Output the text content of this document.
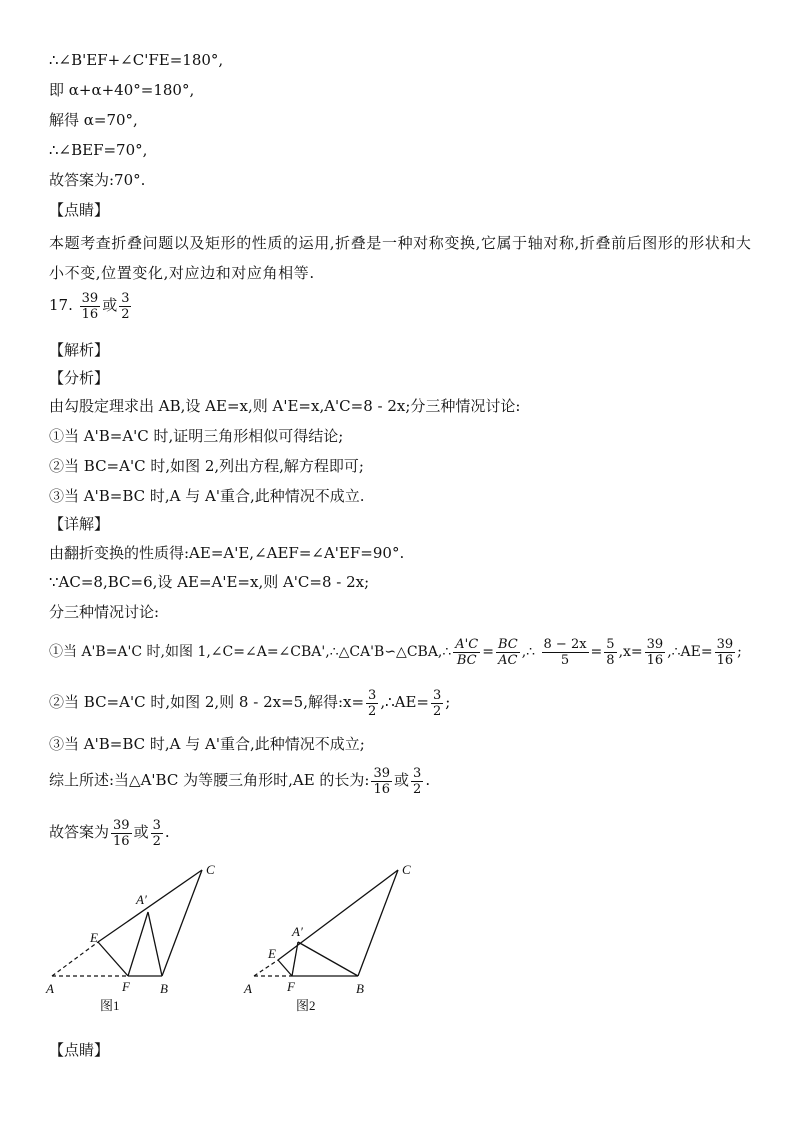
∴∠B'EF+∠C'FE=180°,
即 α+α+40°=180°,
解得 α=70°,
∴∠BEF=70°,
故答案为:70°.
【点睛】
本题考查折叠问题以及矩形的性质的运用,折叠是一种对称变换,它属于轴对称,折叠前后图形的形状和大小不变,位置变化,对应边和对应角相等.
17. $\frac{39}{16}$ 或 $\frac{3}{2}$
【解析】
【分析】
由勾股定理求出 AB,设 AE=x,则 A'E=x,A'C=8 - 2x;分三种情况讨论:
①当 A'B=A'C 时,证明三角形相似可得结论;
②当 BC=A'C 时,如图 2,列出方程,解方程即可;
③当 A'B=BC 时,A 与 A'重合,此种情况不成立.
【详解】
由翻折变换的性质得:AE=A'E,∠AEF=∠A'EF=90°.
∵AC=8,BC=6,设 AE=A'E=x,则 A'C=8 - 2x;
分三种情况讨论:
①当 A'B=A'C 时,如图 1,∠C=∠A=∠CBA',∴△CA'B∽△CBA,∴ $\frac{A'C}{BC} = \frac{BC}{AC}$ ,∴ $\frac{8 - 2x}{5} = \frac{5}{8} ,x= \frac{39}{16}$ ,∴AE= $\frac{39}{16}$ ;
②当 BC=A'C 时,如图 2,则 8 - 2x=5,解得:x= $\frac{3}{2}$ ,∴AE= $\frac{3}{2}$ ;
③当 A'B=BC 时,A 与 A'重合,此种情况不成立;
综上所述:当△A'BC 为等腰三角形时,AE 的长为: $\frac{39}{16}$ 或 $\frac{3}{2}$ .
故答案为 $\frac{39}{16}$ 或 $\frac{3}{2}$ .
A	F B
E
A′
C
图1
A	F	B
E
A′
C
图2
【点睛】
